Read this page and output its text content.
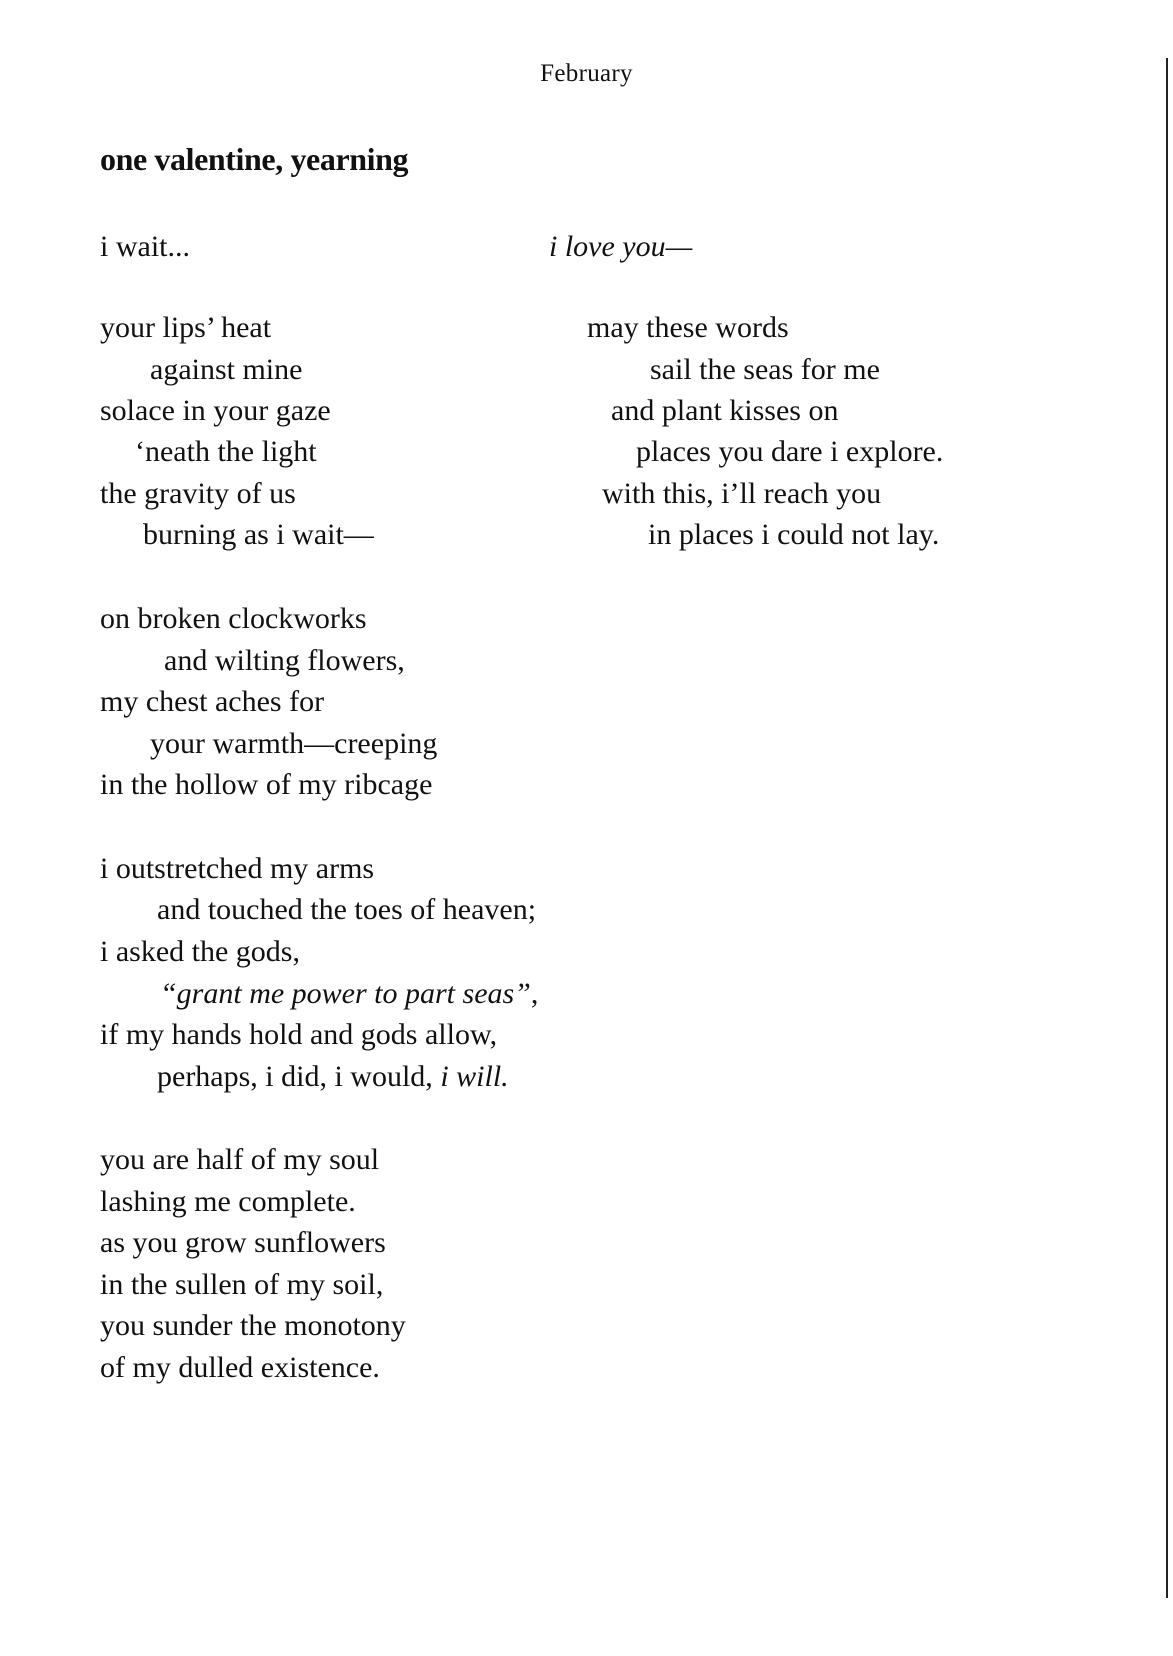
February
one valentine, yearning
i wait...	i love you—
your lips’ heat
against mine
solace in your gaze
‘neath the light
the gravity of us
burning as i wait—
may these words
sail the seas for me
and plant kisses on
places you dare i explore.
with this, i’ll reach you
in places i could not lay.
on broken clockworks
and wilting flowers,
my chest aches for
your warmth—creeping
in the hollow of my ribcage
i outstretched my arms
and touched the toes of heaven;
i asked the gods,
“grant me power to part seas”,
if my hands hold and gods allow,
perhaps, i did, i would, i will.
you are half of my soul
lashing me complete.
as you grow sunflowers
in the sullen of my soil,
you sunder the monotony
of my dulled existence.
